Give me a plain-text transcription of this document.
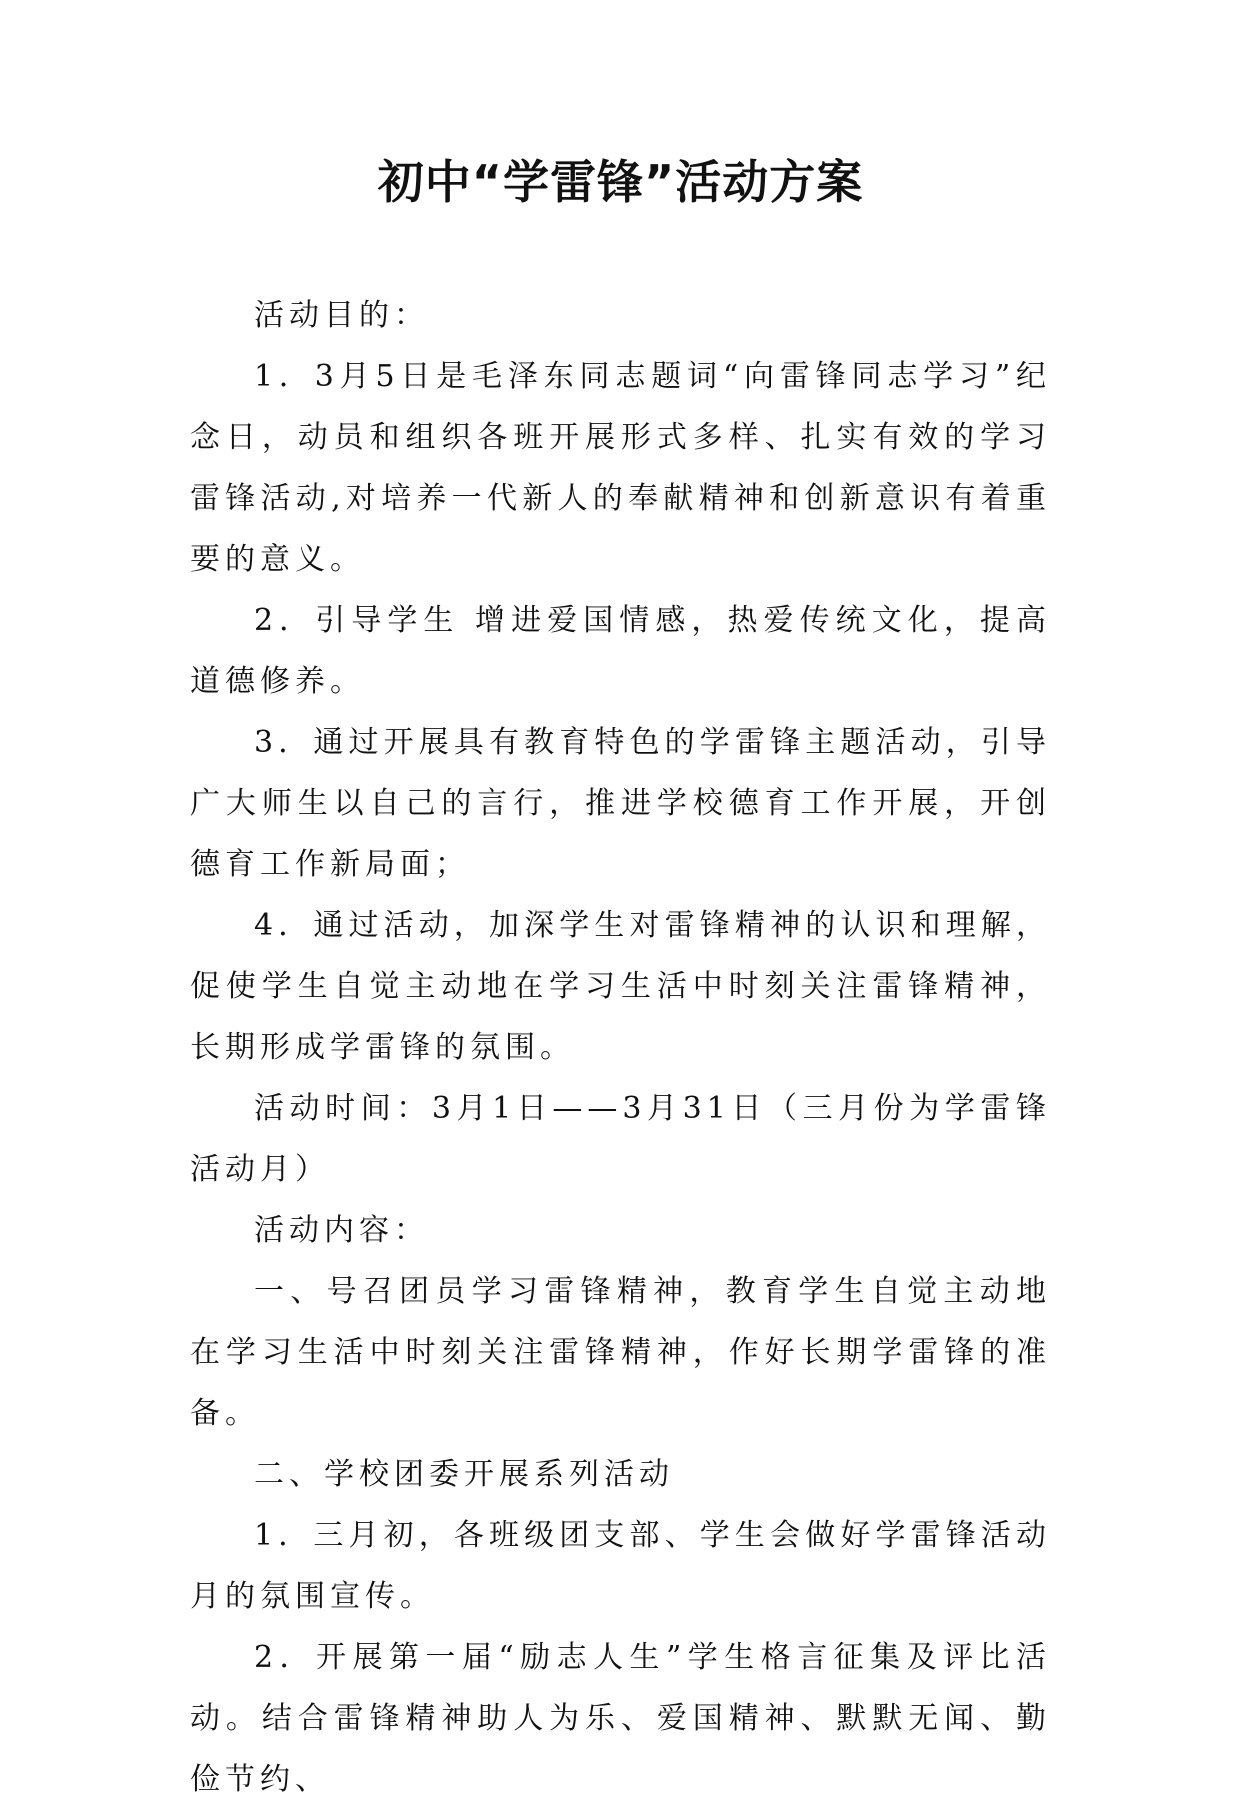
初中“学雷锋”活动方案

活动目的：

1．3月5日是毛泽东同志题词“向雷锋同志学习”纪念日，动员和组织各班开展形式多样、扎实有效的学习雷锋活动,对培养一代新人的奉献精神和创新意识有着重要的意义。

2．引导学生 增进爱国情感，热爱传统文化，提高道德修养。

3．通过开展具有教育特色的学雷锋主题活动，引导广大师生以自己的言行，推进学校德育工作开展，开创德育工作新局面；

4．通过活动，加深学生对雷锋精神的认识和理解，促使学生自觉主动地在学习生活中时刻关注雷锋精神，长期形成学雷锋的氛围。

活动时间：3月1日——3月31日（三月份为学雷锋活动月）

活动内容：

一、号召团员学习雷锋精神，教育学生自觉主动地在学习生活中时刻关注雷锋精神，作好长期学雷锋的准备。

二、学校团委开展系列活动

1．三月初，各班级团支部、学生会做好学雷锋活动月的氛围宣传。

2．开展第一届“励志人生”学生格言征集及评比活动。结合雷锋精神助人为乐、爱国精神、默默无闻、勤俭节约、
